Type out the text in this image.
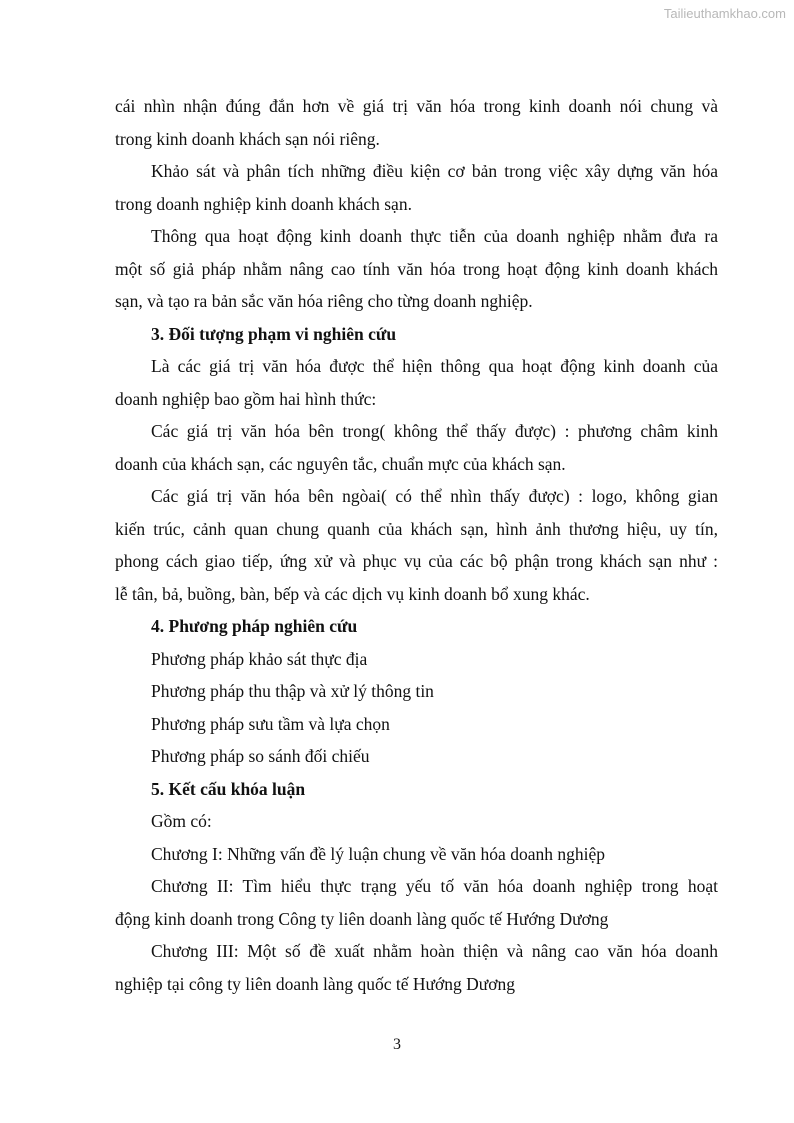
Tailieuthamkhao.com
cái nhìn nhận đúng đắn hơn về giá trị văn hóa trong kinh doanh nói chung và
trong kinh doanh khách sạn nói riêng.
Khảo sát và phân tích những điều kiện cơ bản trong việc xây dựng văn hóa
trong doanh nghiệp kinh doanh khách sạn.
Thông qua hoạt động kinh doanh thực tiễn của doanh nghiệp nhằm đưa ra
một số giả pháp nhằm nâng cao tính văn hóa trong hoạt động kinh doanh khách
sạn, và tạo ra bản sắc văn hóa riêng cho từng doanh nghiệp.
3. Đối tượng phạm vi nghiên cứu
Là các giá trị văn hóa được thể hiện thông qua hoạt động kinh doanh của
doanh nghiệp bao gồm hai hình thức:
Các giá trị văn hóa bên trong( không thể thấy được) : phương châm kinh
doanh của khách sạn, các nguyên tắc, chuẩn mực của khách sạn.
Các giá trị văn hóa bên ngòai( có thể nhìn thấy được) : logo, không gian
kiến trúc, cảnh quan chung quanh của khách sạn, hình ảnh thương hiệu, uy tín,
phong cách giao tiếp, ứng xử và phục vụ của các bộ phận trong khách sạn như :
lễ tân, bả, buồng, bàn, bếp và các dịch vụ kinh doanh bổ xung khác.
4. Phương pháp nghiên cứu
Phương pháp khảo sát thực địa
Phương pháp thu thập và xử lý thông tin
Phương pháp sưu tầm và lựa chọn
Phương pháp so sánh đối chiếu
5. Kết cấu khóa luận
Gồm có:
Chương I: Những vấn đề lý luận chung về văn hóa doanh nghiệp
Chương II: Tìm hiểu thực trạng yếu tố văn hóa doanh nghiệp trong hoạt
động kinh doanh trong Công ty liên doanh làng quốc tế Hướng Dương
Chương III: Một số đề xuất nhằm hoàn thiện và nâng cao văn hóa doanh
nghiệp tại công ty liên doanh làng quốc tế Hướng Dương
3
